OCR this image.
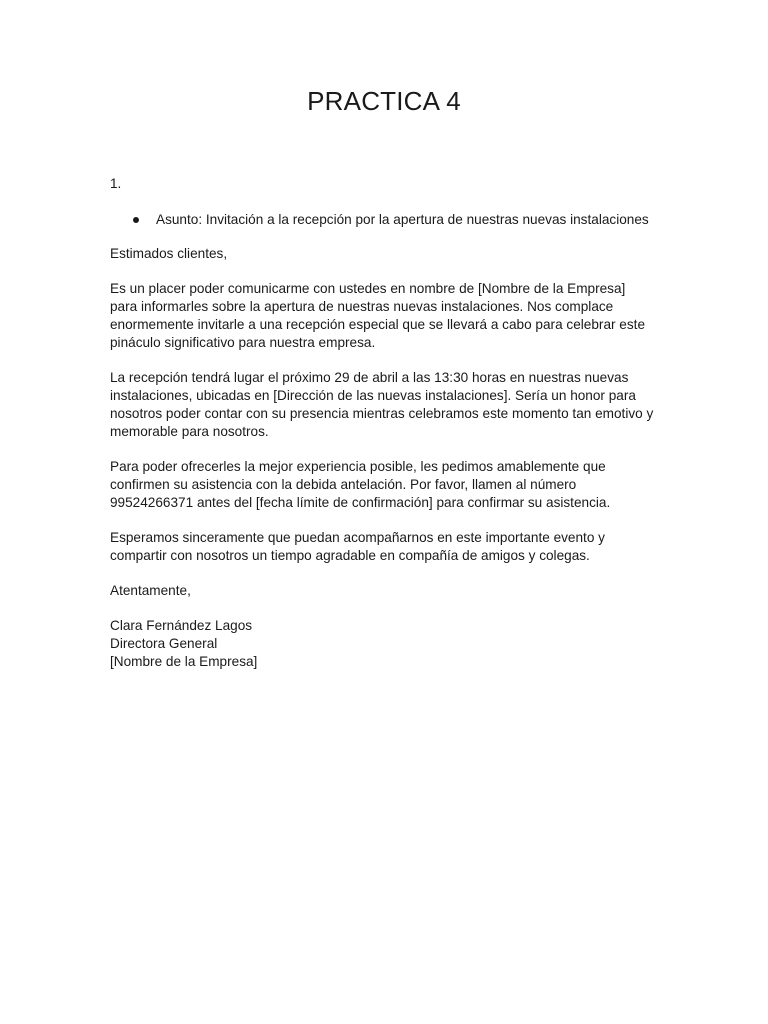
PRACTICA 4

1.

Asunto: Invitación a la recepción por la apertura de nuestras nuevas instalaciones

Estimados clientes,

Es un placer poder comunicarme con ustedes en nombre de [Nombre de la Empresa] para informarles sobre la apertura de nuestras nuevas instalaciones. Nos complace enormemente invitarle a una recepción especial que se llevará a cabo para celebrar este pináculo significativo para nuestra empresa.

La recepción tendrá lugar el próximo 29 de abril a las 13:30 horas en nuestras nuevas instalaciones, ubicadas en [Dirección de las nuevas instalaciones]. Sería un honor para nosotros poder contar con su presencia mientras celebramos este momento tan emotivo y memorable para nosotros.

Para poder ofrecerles la mejor experiencia posible, les pedimos amablemente que confirmen su asistencia con la debida antelación. Por favor, llamen al número 99524266371 antes del [fecha límite de confirmación] para confirmar su asistencia.

Esperamos sinceramente que puedan acompañarnos en este importante evento y compartir con nosotros un tiempo agradable en compañía de amigos y colegas.

Atentamente,

Clara Fernández Lagos

Directora General

[Nombre de la Empresa]
